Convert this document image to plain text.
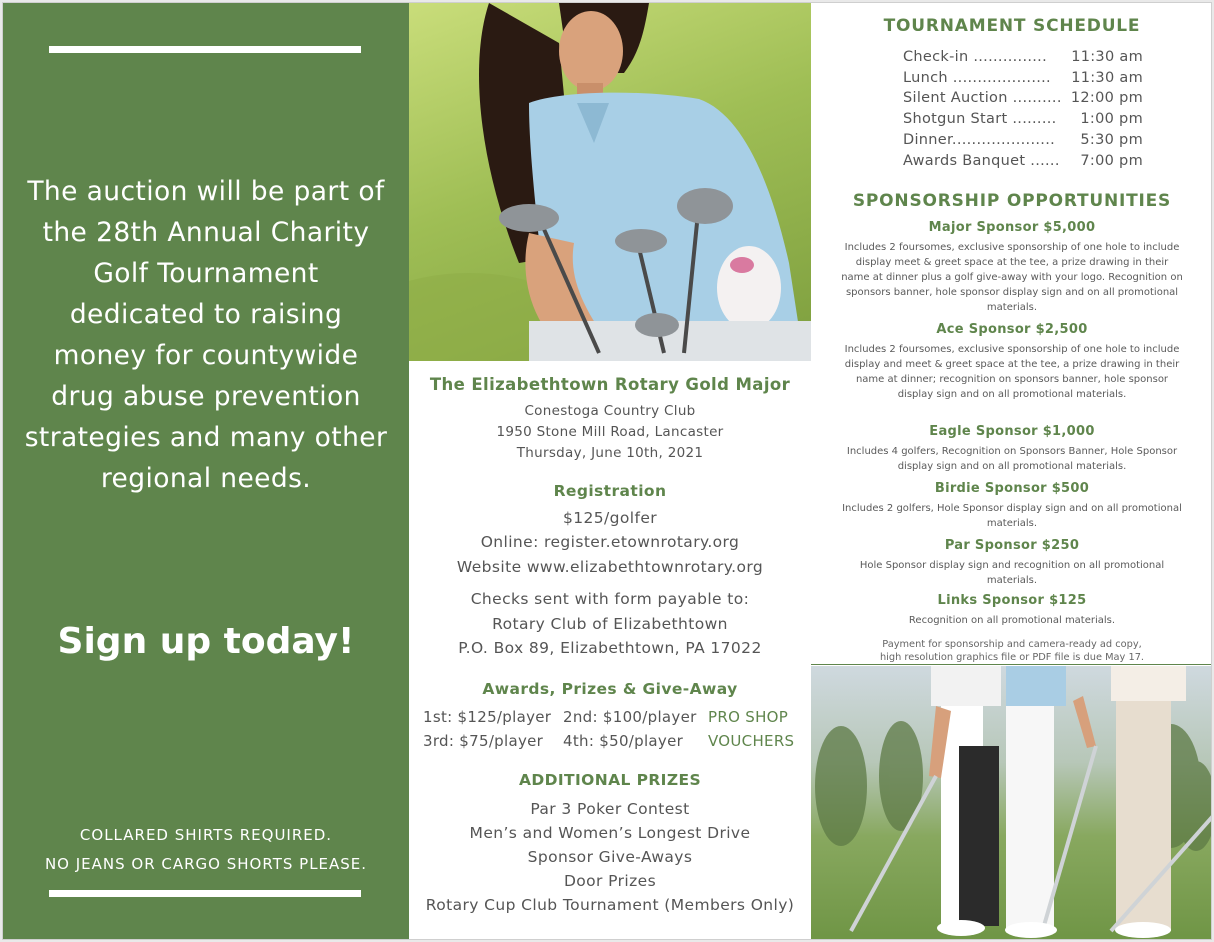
The auction will be part of
the 28th Annual Charity
Golf Tournament
dedicated to raising
money for countywide
drug abuse prevention
strategies and many other
regional needs.
Sign up today!
COLLARED SHIRTS REQUIRED.
NO JEANS OR CARGO SHORTS PLEASE.
The Elizabethtown Rotary Gold Major
Conestoga Country Club
1950 Stone Mill Road, Lancaster
Thursday, June 10th, 2021
Registration
$125/golfer
Online: register.etownrotary.org
Website www.elizabethtownrotary.org
Checks sent with form payable to:
Rotary Club of Elizabethtown
P.O. Box 89, Elizabethtown, PA 17022
Awards, Prizes & Give-Away
1st: $125/player 2nd: $100/player PRO SHOP
3rd: $75/player	4th: $50/player	VOUCHERS
ADDITIONAL PRIZES
Par 3 Poker Contest
Men’s and Women’s Longest Drive
Sponsor Give-Aways
Door Prizes
Rotary Cup Club Tournament (Members Only)
TOURNAMENT SCHEDULE
Check-in ............... 11:30 am
Lunch .................... 11:30 am
Silent Auction .......... 12:00 pm
Shotgun Start ......... 1:00 pm
Dinner..................... 5:30 pm
Awards Banquet ...... 7:00 pm
SPONSORSHIP OPPORTUNITIES
Major Sponsor $5,000
Includes 2 foursomes, exclusive sponsorship of one hole to include display meet & greet space at the tee, a prize drawing in their name at dinner plus a golf give-away with your logo. Recognition on sponsors banner, hole sponsor display sign and on all promotional materials.
Ace Sponsor $2,500
Includes 2 foursomes, exclusive sponsorship of one hole to include display and meet & greet space at the tee, a prize drawing in their name at dinner; recognition on sponsors banner, hole sponsor display sign and on all promotional materials.
Eagle Sponsor $1,000
Includes 4 golfers, Recognition on Sponsors Banner, Hole Sponsor display sign and on all promotional materials.
Birdie Sponsor $500
Includes 2 golfers, Hole Sponsor display sign and on all promotional materials.
Par Sponsor $250
Hole Sponsor display sign and recognition on all promotional materials.
Links Sponsor $125
Recognition on all promotional materials.
Payment for sponsorship and camera-ready ad copy,
high resolution graphics file or PDF file is due May 17.
